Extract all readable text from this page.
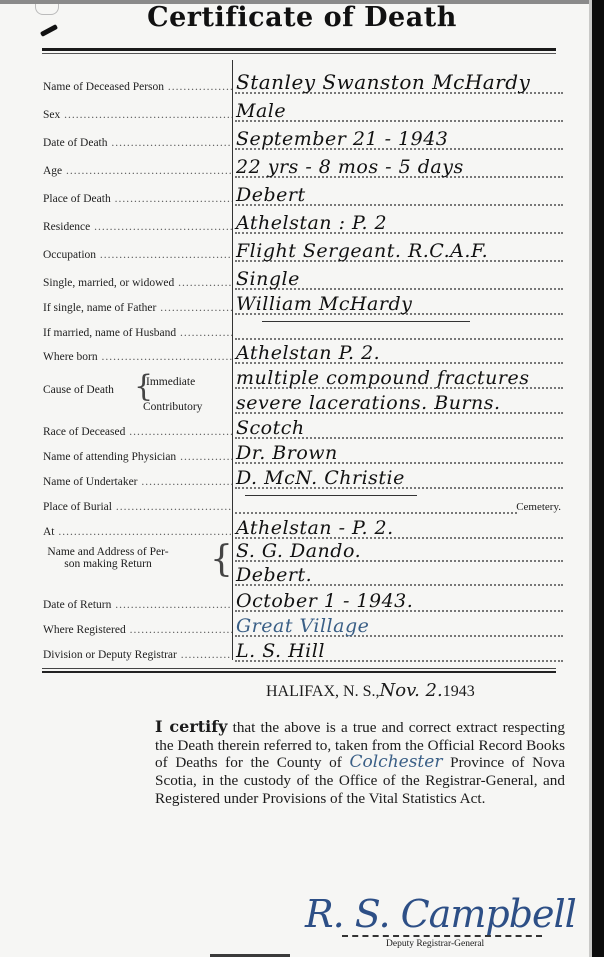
Certificate of Death
Name of Deceased Person .....	Stanley Swanston McHardy
Sex .....	Male
Date of Death .....	September 21 - 1943
Age .....	22 yrs - 8 mos - 5 days
Place of Death .....	Debert
Residence .....	Athelstan : P. 2
Occupation .....	Flight Sergeant. R.C.A.F.
Single, married, or widowed .....	Single
If single, name of Father .....	William McHardy
If married, name of Husband .....
Where born .....	Athelstan P. 2.
Cause of Death {
Immediate multiple compound fractures
Contributory severe lacerations. Burns.
Race of Deceased .....	Scotch
Name of attending Physician .....	Dr. Brown
Name of Undertaker .....	D. McN. Christie
Place of Burial .....	Cemetery.
At .....	Athelstan - P. 2.
Name and Address of Per-
son making Return	{ S. G. Dando.
Debert.
Date of Return .....	October 1 - 1943.
Where Registered .....	Great Village
Division or Deputy Registrar .....	L. S. Hill
HALIFAX, N. S.,Nov. 2.1943
I certify that the above is a true and correct extract respecting the Death therein referred to, taken from the Official Record Books of Deaths for the County of Colchester Province of Nova Scotia, in the custody of the Office of the Registrar-General, and Registered under Provisions of the Vital Statistics Act.
R. S. Campbell
Deputy Registrar-General
